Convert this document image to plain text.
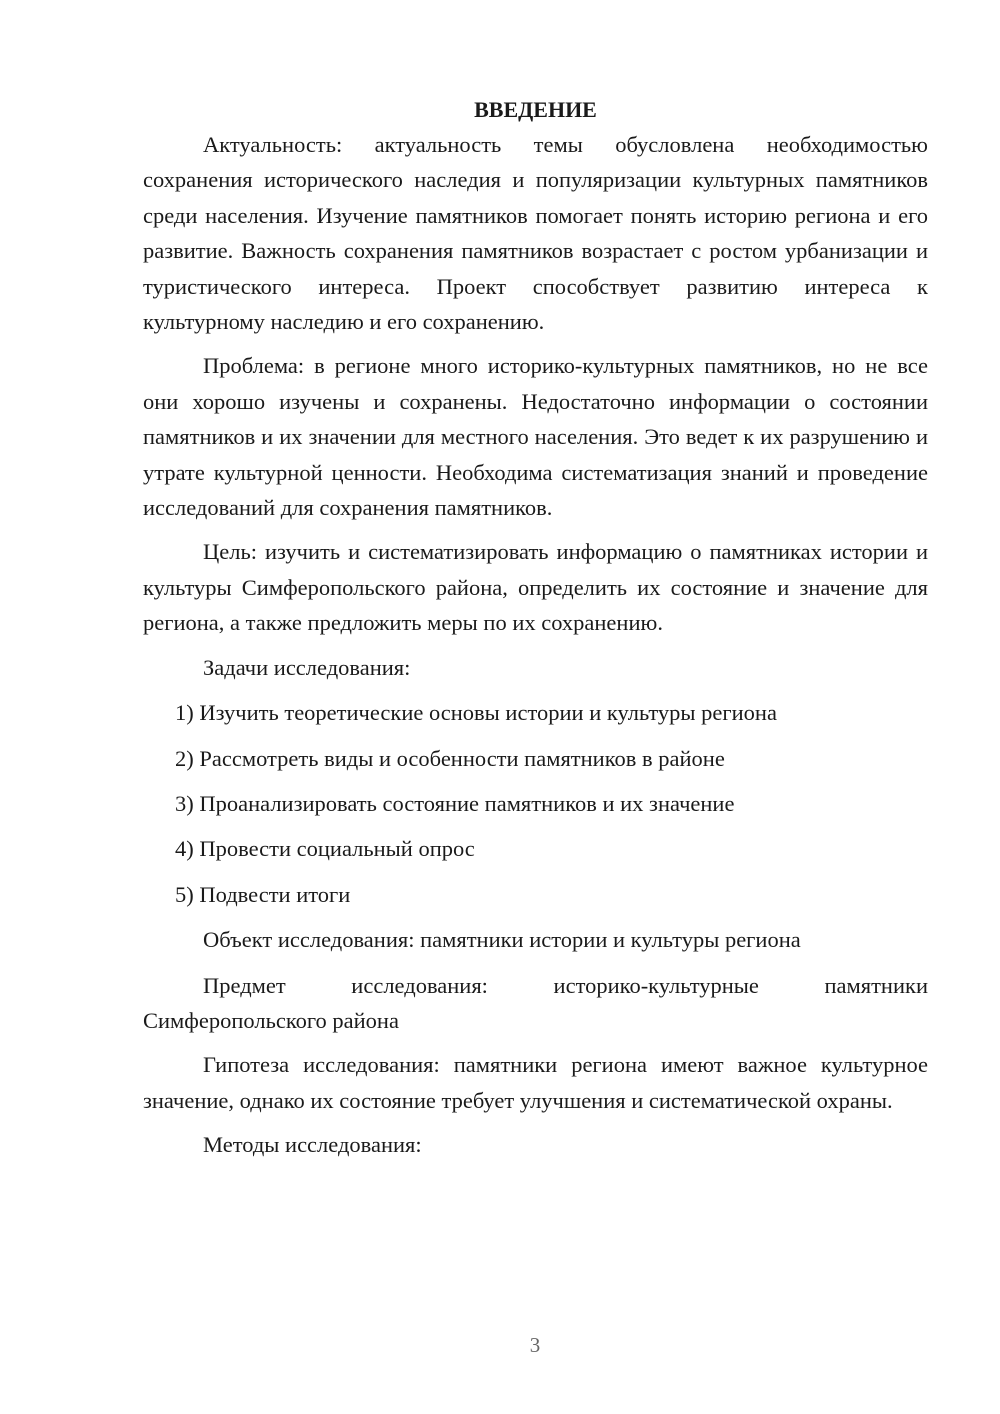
ВВЕДЕНИЕ

Актуальность: актуальность темы обусловлена необходимостью сохранения исторического наследия и популяризации культурных памятников среди населения. Изучение памятников помогает понять историю региона и его развитие. Важность сохранения памятников возрастает с ростом урбанизации и туристического интереса. Проект способствует развитию интереса к культурному наследию и его сохранению.

Проблема: в регионе много историко-культурных памятников, но не все они хорошо изучены и сохранены. Недостаточно информации о состоянии памятников и их значении для местного населения. Это ведет к их разрушению и утрате культурной ценности. Необходима систематизация знаний и проведение исследований для сохранения памятников.

Цель: изучить и систематизировать информацию о памятниках истории и культуры Симферопольского района, определить их состояние и значение для региона, а также предложить меры по их сохранению.

Задачи исследования:

1) Изучить теоретические основы истории и культуры региона
2) Рассмотреть виды и особенности памятников в районе
3) Проанализировать состояние памятников и их значение
4) Провести социальный опрос
5) Подвести итоги

Объект исследования: памятники истории и культуры региона

Предмет исследования: историко-культурные памятники Симферопольского района

Гипотеза исследования: памятники региона имеют важное культурное значение, однако их состояние требует улучшения и систематической охраны.

Методы исследования:

3
